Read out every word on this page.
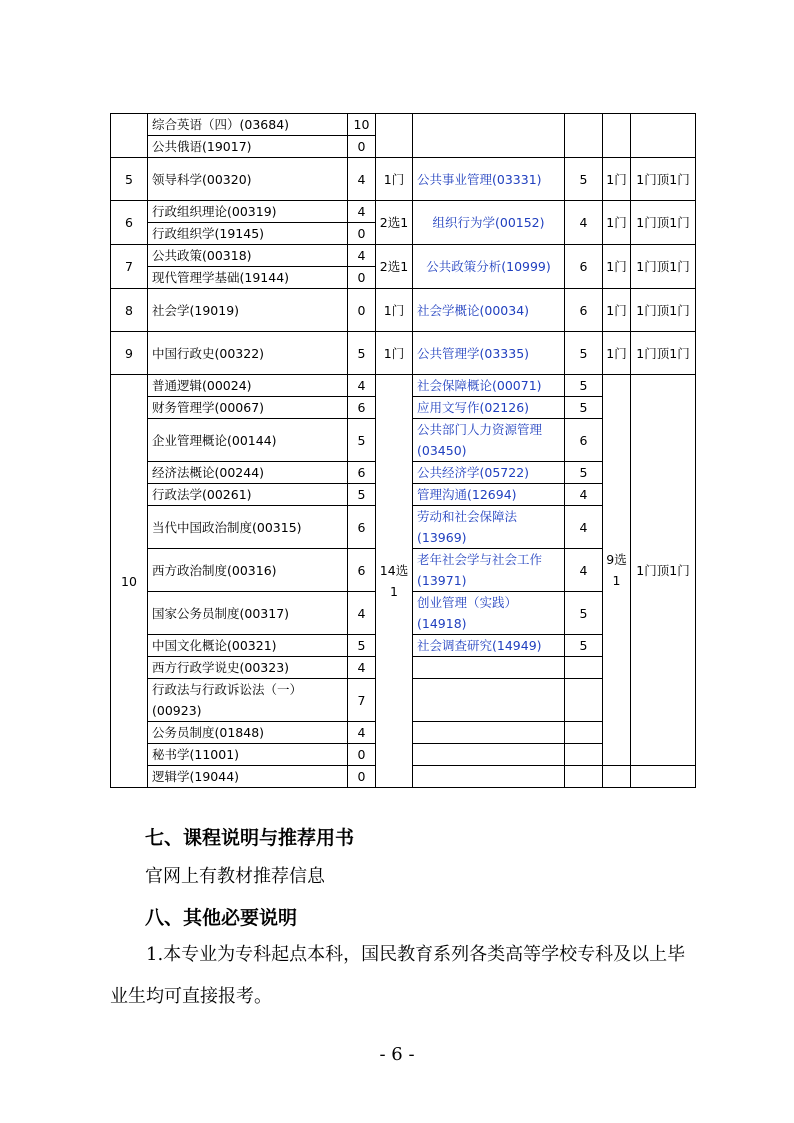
	综合英语（四）(03684)	10						
	公共俄语(19017)	0						
5	领导科学(00320)	4	1门	公共事业管理(03331)	5	1门	1门顶1门	
6	行政组织理论(00319)	4	2选1	组织行为学(00152)	4	1门	1门顶1门	
	行政组织学(19145)	0						
7	公共政策(00318)	4	2选1	公共政策分析(10999)	6	1门	1门顶1门	
	现代管理学基础(19144)	0						
8	社会学(19019)	0	1门	社会学概论(00034)	6	1门	1门顶1门	
9	中国行政史(00322)	5	1门	公共管理学(03335)	5	1门	1门顶1门	
10	普通逻辑(00024)	4	14选1	社会保障概论(00071)	5	9选1	1门顶1门	
	财务管理学(00067)	6		应用文写作(02126)	5			
	企业管理概论(00144)	5		公共部门人力资源管理(03450)	6			
	经济法概论(00244)	6		公共经济学(05722)	5			
	行政法学(00261)	5		管理沟通(12694)	4			
	当代中国政治制度(00315)	6		劳动和社会保障法(13969)	4			
	西方政治制度(00316)	6		老年社会学与社会工作(13971)	4			
	国家公务员制度(00317)	4		创业管理（实践）(14918)	5			
	中国文化概论(00321)	5		社会调查研究(14949)	5			
	西方行政学说史(00323)	4						
	行政法与行政诉讼法（一）(00923)	7						
	公务员制度(01848)	4						
	秘书学(11001)	0						
	逻辑学(19044)	0						
七、课程说明与推荐用书
官网上有教材推荐信息
八、其他必要说明
1.本专业为专科起点本科，国民教育系列各类高等学校专科及以上毕业生均可直接报考。
- 6 -
